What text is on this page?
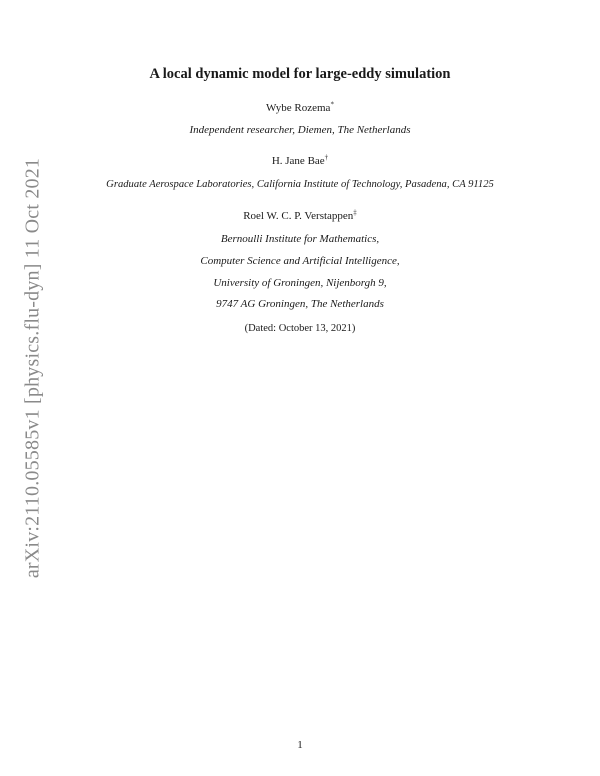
arXiv:2110.05585v1 [physics.flu-dyn] 11 Oct 2021
A local dynamic model for large-eddy simulation
Wybe Rozema*
Independent researcher, Diemen, The Netherlands
H. Jane Bae†
Graduate Aerospace Laboratories, California Institute of Technology, Pasadena, CA 91125
Roel W. C. P. Verstappen‡
Bernoulli Institute for Mathematics,
Computer Science and Artificial Intelligence,
University of Groningen, Nijenborgh 9,
9747 AG Groningen, The Netherlands
(Dated: October 13, 2021)
1
